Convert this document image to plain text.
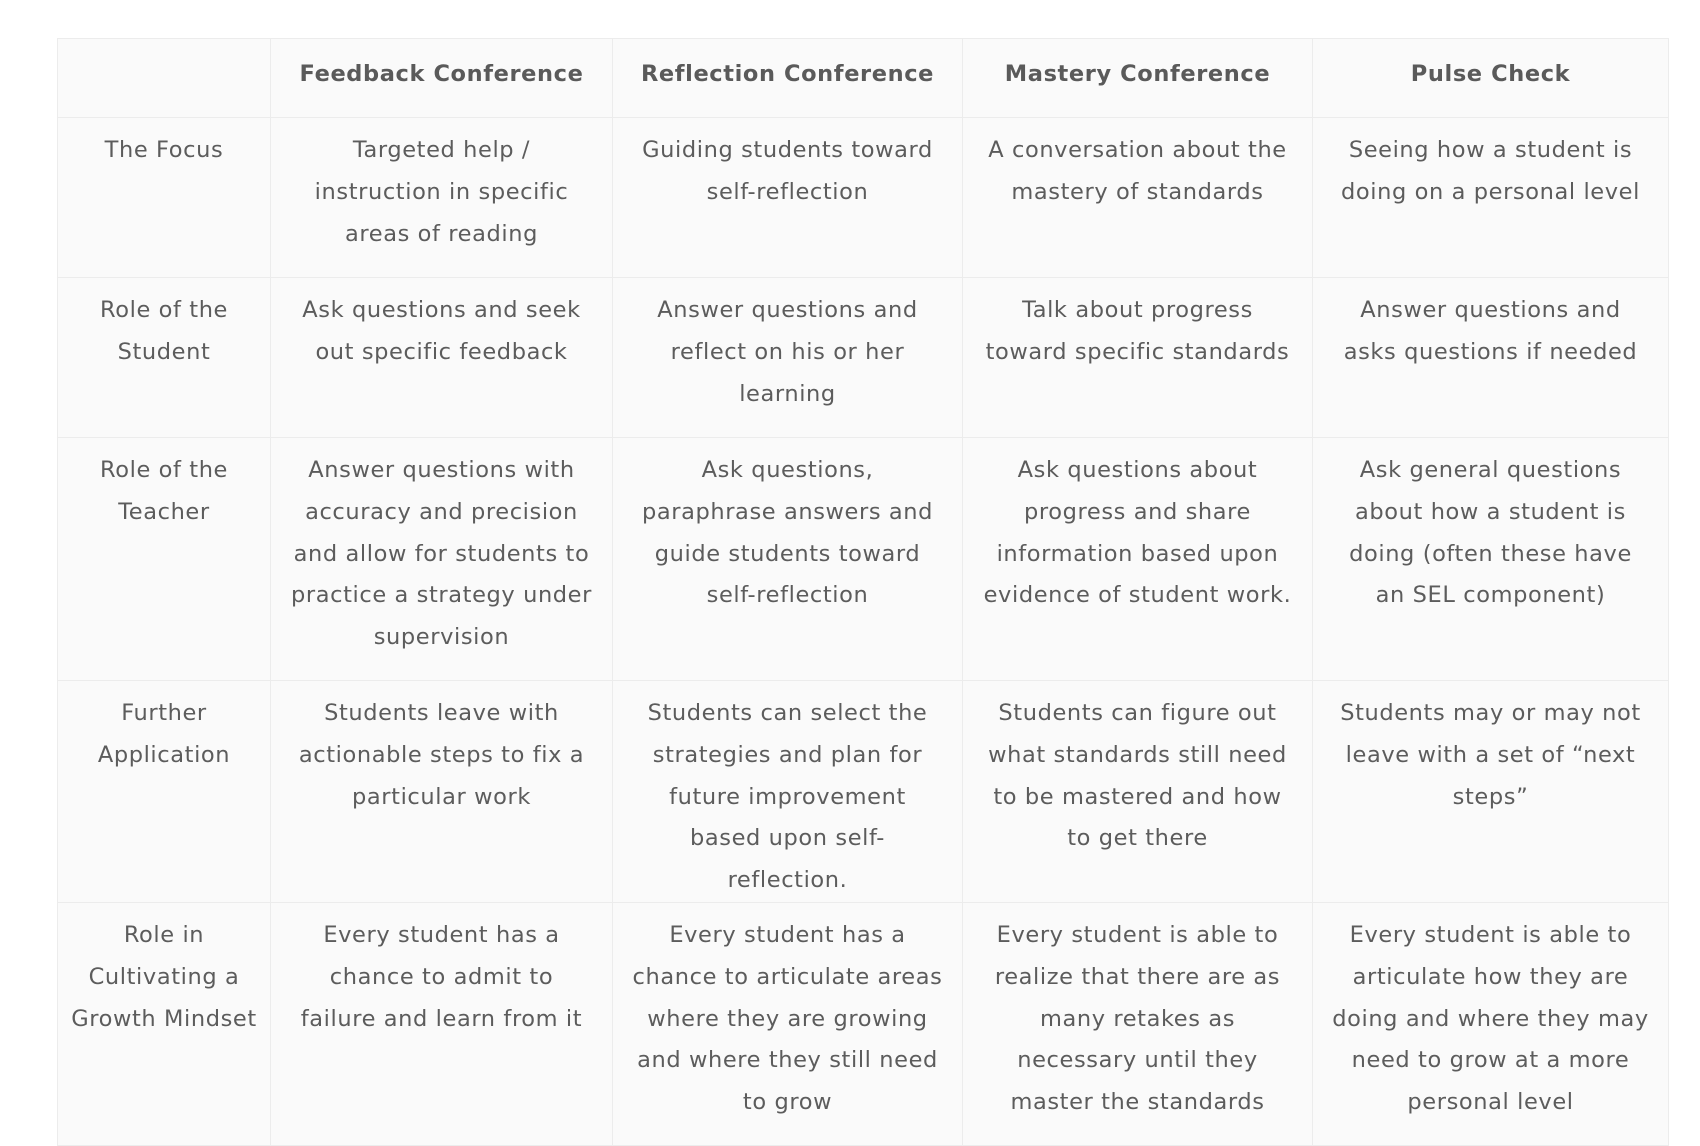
	Feedback Conference	Reflection Conference	Mastery Conference	Pulse Check
The Focus	Targeted help / instruction in specific areas of reading	Guiding students toward self-reflection	A conversation about the mastery of standards	Seeing how a student is doing on a personal level
Role of the Student	Ask questions and seek out specific feedback	Answer questions and reflect on his or her learning	Talk about progress toward specific standards	Answer questions and asks questions if needed
Role of the Teacher	Answer questions with accuracy and precision and allow for students to practice a strategy under supervision	Ask questions, paraphrase answers and guide students toward self-reflection	Ask questions about progress and share information based upon evidence of student work.	Ask general questions about how a student is doing (often these have an SEL component)
Further Application	Students leave with actionable steps to fix a particular work	Students can select the strategies and plan for future improvement based upon self-reflection.	Students can figure out what standards still need to be mastered and how to get there	Students may or may not leave with a set of “next steps”
Role in Cultivating a Growth Mindset	Every student has a chance to admit to failure and learn from it	Every student has a chance to articulate areas where they are growing and where they still need to grow	Every student is able to realize that there are as many retakes as necessary until they master the standards	Every student is able to articulate how they are doing and where they may need to grow at a more personal level
